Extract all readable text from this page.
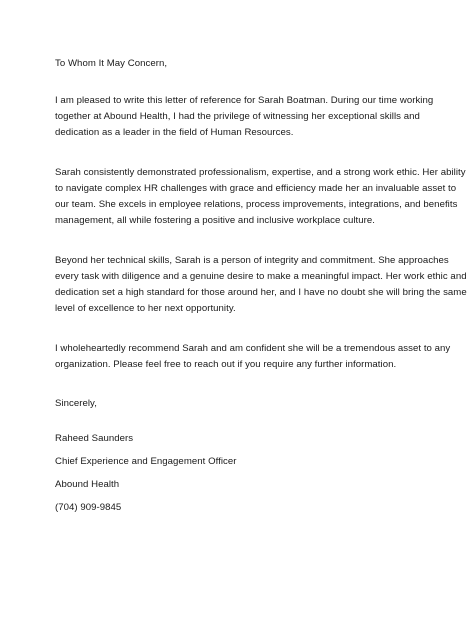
To Whom It May Concern,
I am pleased to write this letter of reference for Sarah Boatman. During our time working
together at Abound Health, I had the privilege of witnessing her exceptional skills and
dedication as a leader in the field of Human Resources.
Sarah consistently demonstrated professionalism, expertise, and a strong work ethic. Her ability
to navigate complex HR challenges with grace and efficiency made her an invaluable asset to
our team. She excels in employee relations, process improvements, integrations, and benefits
management, all while fostering a positive and inclusive workplace culture.
Beyond her technical skills, Sarah is a person of integrity and commitment. She approaches
every task with diligence and a genuine desire to make a meaningful impact. Her work ethic and
dedication set a high standard for those around her, and I have no doubt she will bring the same
level of excellence to her next opportunity.
I wholeheartedly recommend Sarah and am confident she will be a tremendous asset to any
organization. Please feel free to reach out if you require any further information.
Sincerely,
Raheed Saunders
Chief Experience and Engagement Officer
Abound Health
(704) 909-9845
